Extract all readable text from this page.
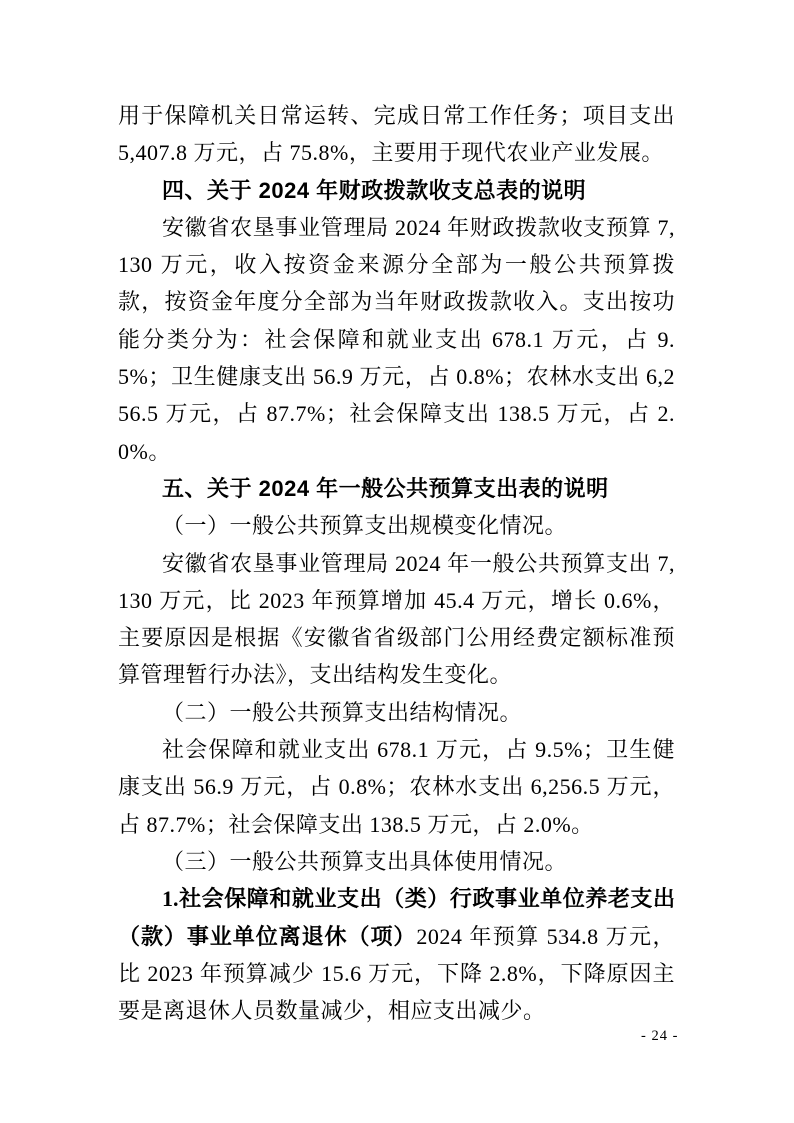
用于保障机关日常运转、完成日常工作任务；项目支出 5,407.8 万元，占 75.8%，主要用于现代农业产业发展。

四、关于 2024 年财政拨款收支总表的说明

安徽省农垦事业管理局 2024 年财政拨款收支预算 7,130 万元，收入按资金来源分全部为一般公共预算拨款，按资金年度分全部为当年财政拨款收入。支出按功能分类分为：社会保障和就业支出 678.1 万元，占 9.5%；卫生健康支出 56.9 万元，占 0.8%；农林水支出 6,256.5 万元，占 87.7%；社会保障支出 138.5 万元，占 2.0%。

五、关于 2024 年一般公共预算支出表的说明

（一）一般公共预算支出规模变化情况。

安徽省农垦事业管理局 2024 年一般公共预算支出 7,130 万元，比 2023 年预算增加 45.4 万元，增长 0.6%，主要原因是根据《安徽省省级部门公用经费定额标准预算管理暂行办法》，支出结构发生变化。

（二）一般公共预算支出结构情况。

社会保障和就业支出 678.1 万元，占 9.5%；卫生健康支出 56.9 万元，占 0.8%；农林水支出 6,256.5 万元，占 87.7%；社会保障支出 138.5 万元，占 2.0%。

（三）一般公共预算支出具体使用情况。

1.社会保障和就业支出（类）行政事业单位养老支出（款）事业单位离退休（项）2024 年预算 534.8 万元，比 2023 年预算减少 15.6 万元，下降 2.8%，下降原因主要是离退休人员数量减少，相应支出减少。

- 24 -
